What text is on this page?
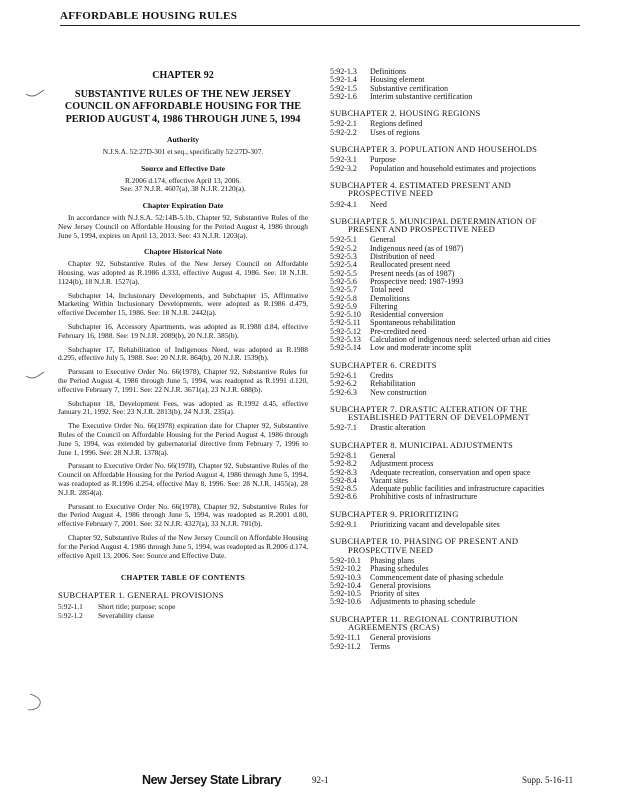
AFFORDABLE HOUSING RULES
CHAPTER 92
SUBSTANTIVE RULES OF THE NEW JERSEY COUNCIL ON AFFORDABLE HOUSING FOR THE PERIOD AUGUST 4, 1986 THROUGH JUNE 5, 1994
Authority

N.J.S.A. 52:27D-301 et seq., specifically 52:27D-307.

Source and Effective Date

R.2006 d.174, effective April 13, 2006.

See: 37 N.J.R. 4607(a), 38 N.J.R. 2120(a).

Chapter Expiration Date

In accordance with N.J.S.A. 52:14B-5.1b, Chapter 92, Substantive Rules of the New Jersey Council on Affordable Housing for the Period August 4, 1986 through June 5, 1994, expires on April 13, 2013. See: 43 N.J.R. 1203(a).

Chapter Historical Note

Chapter 92, Substantive Rules of the New Jersey Council on Affordable Housing, was adopted as R.1986 d.333, effective August 4, 1986. See: 18 N.J.R. 1124(b), 18 N.J.R. 1527(a).

Subchapter 14, Inclusionary Developments, and Subchapter 15, Affirmative Marketing Within Inclusionary Developments, were adopted as R.1986 d.479, effective December 15, 1986. See: 18 N.J.R. 2442(a).

Subchapter 16, Accessory Apartments, was adopted as R.1988 d.84, effective February 16, 1988. See: 19 N.J.R. 2089(b), 20 N.J.R. 385(b).

Subchapter 17, Rehabilitation of Indigenous Need, was adopted as R.1988 d.295, effective July 5, 1988. See: 20 N.J.R. 864(b), 20 N.J.R. 1539(b).

Pursuant to Executive Order No. 66(1978), Chapter 92, Substantive Rules for the Period August 4, 1986 through June 5, 1994, was readopted as R.1991 d.120, effective February 7, 1991. See: 22 N.J.R. 3671(a), 23 N.J.R. 688(b).

Subchapter 18, Development Fees, was adopted as R.1992 d.45, effective January 21, 1992. See: 23 N.J.R. 2813(b), 24 N.J.R. 235(a).

The Executive Order No. 66(1978) expiration date for Chapter 92, Substantive Rules of the Council on Affordable Housing for the Period August 4, 1986 through June 5, 1994, was extended by gubernatorial directive from February 7, 1996 to June 1, 1996. See: 28 N.J.R. 1378(a).

Pursuant to Executive Order No. 66(1978), Chapter 92, Substantive Rules of the Council on Affordable Housing for the Period August 4, 1986 through June 5, 1994, was readopted as R.1996 d.254, effective May 8, 1996. See: 28 N.J.R. 1455(a), 28 N.J.R. 2854(a).

Pursuant to Executive Order No. 66(1978), Chapter 92, Substantive Rules for the Period August 4, 1986 through June 5, 1994, was readopted as R.2001 d.80, effective February 7, 2001. See: 32 N.J.R. 4327(a), 33 N.J.R. 781(b).

Chapter 92, Substantive Rules of the New Jersey Council on Affordable Housing for the Period August 4, 1986 through June 5, 1994, was readopted as R.2006 d.174, effective April 13, 2006. See: Source and Effective Date.

CHAPTER TABLE OF CONTENTS
SUBCHAPTER 1. GENERAL PROVISIONS
5:92-1.1	Short title; purpose; scope
5:92-1.2	Severability clause
5:92-1.3	Definitions
5:92-1.4	Housing element
5:92-1.5	Substantive certification
5:92-1.6	Interim substantive certification
SUBCHAPTER 2. HOUSING REGIONS
5:92-2.1	Regions defined
5:92-2.2	Uses of regions
SUBCHAPTER 3. POPULATION AND HOUSEHOLDS
5:92-3.1	Purpose
5:92-3.2	Population and household estimates and projections
SUBCHAPTER 4. ESTIMATED PRESENT AND
PROSPECTIVE NEED
5:92-4.1	Need
SUBCHAPTER 5. MUNICIPAL DETERMINATION OF
PRESENT AND PROSPECTIVE NEED
5:92-5.1	General
5:92-5.2	Indigenous need (as of 1987)
5:92-5.3	Distribution of need
5:92-5.4	Reallocated present need
5:92-5.5	Present needs (as of 1987)
5:92-5.6	Prospective need: 1987-1993
5:92-5.7	Total need
5:92-5.8	Demolitions
5:92-5.9	Filtering
5:92-5.10	Residential conversion
5:92-5.11	Spontaneous rehabilitation
5:92-5.12	Pre-credited need
5:92-5.13	Calculation of indigenous need: selected urban aid cities
5:92-5.14	Low and moderate income split
SUBCHAPTER 6. CREDITS
5:92-6.1	Credits
5:92-6.2	Rehabilitation
5:92-6.3	New construction
SUBCHAPTER 7. DRASTIC ALTERATION OF THE
ESTABLISHED PATTERN OF DEVELOPMENT
5:92-7.1	Drastic alteration
SUBCHAPTER 8. MUNICIPAL ADJUSTMENTS
5:92-8.1	General
5:92-8.2	Adjustment process
5:92-8.3	Adequate recreation, conservation and open space
5:92-8.4	Vacant sites
5:92-8.5	Adequate public facilities and infrastructure capacities
5:92-8.6	Prohibitive costs of infrastructure
SUBCHAPTER 9. PRIORITIZING
5:92-9.1	Prioritizing vacant and developable sites
SUBCHAPTER 10. PHASING OF PRESENT AND
PROSPECTIVE NEED
5:92-10.1	Phasing plans
5:92-10.2	Phasing schedules
5:92-10.3	Commencement date of phasing schedule
5:92-10.4	General provisions
5:92-10.5	Priority of sites
5:92-10.6	Adjustments to phasing schedule
SUBCHAPTER 11. REGIONAL CONTRIBUTION
AGREEMENTS (RCAS)
5:92-11.1	General provisions
5:92-11.2	Terms
New Jersey State Library	92-1	Supp. 5-16-11
